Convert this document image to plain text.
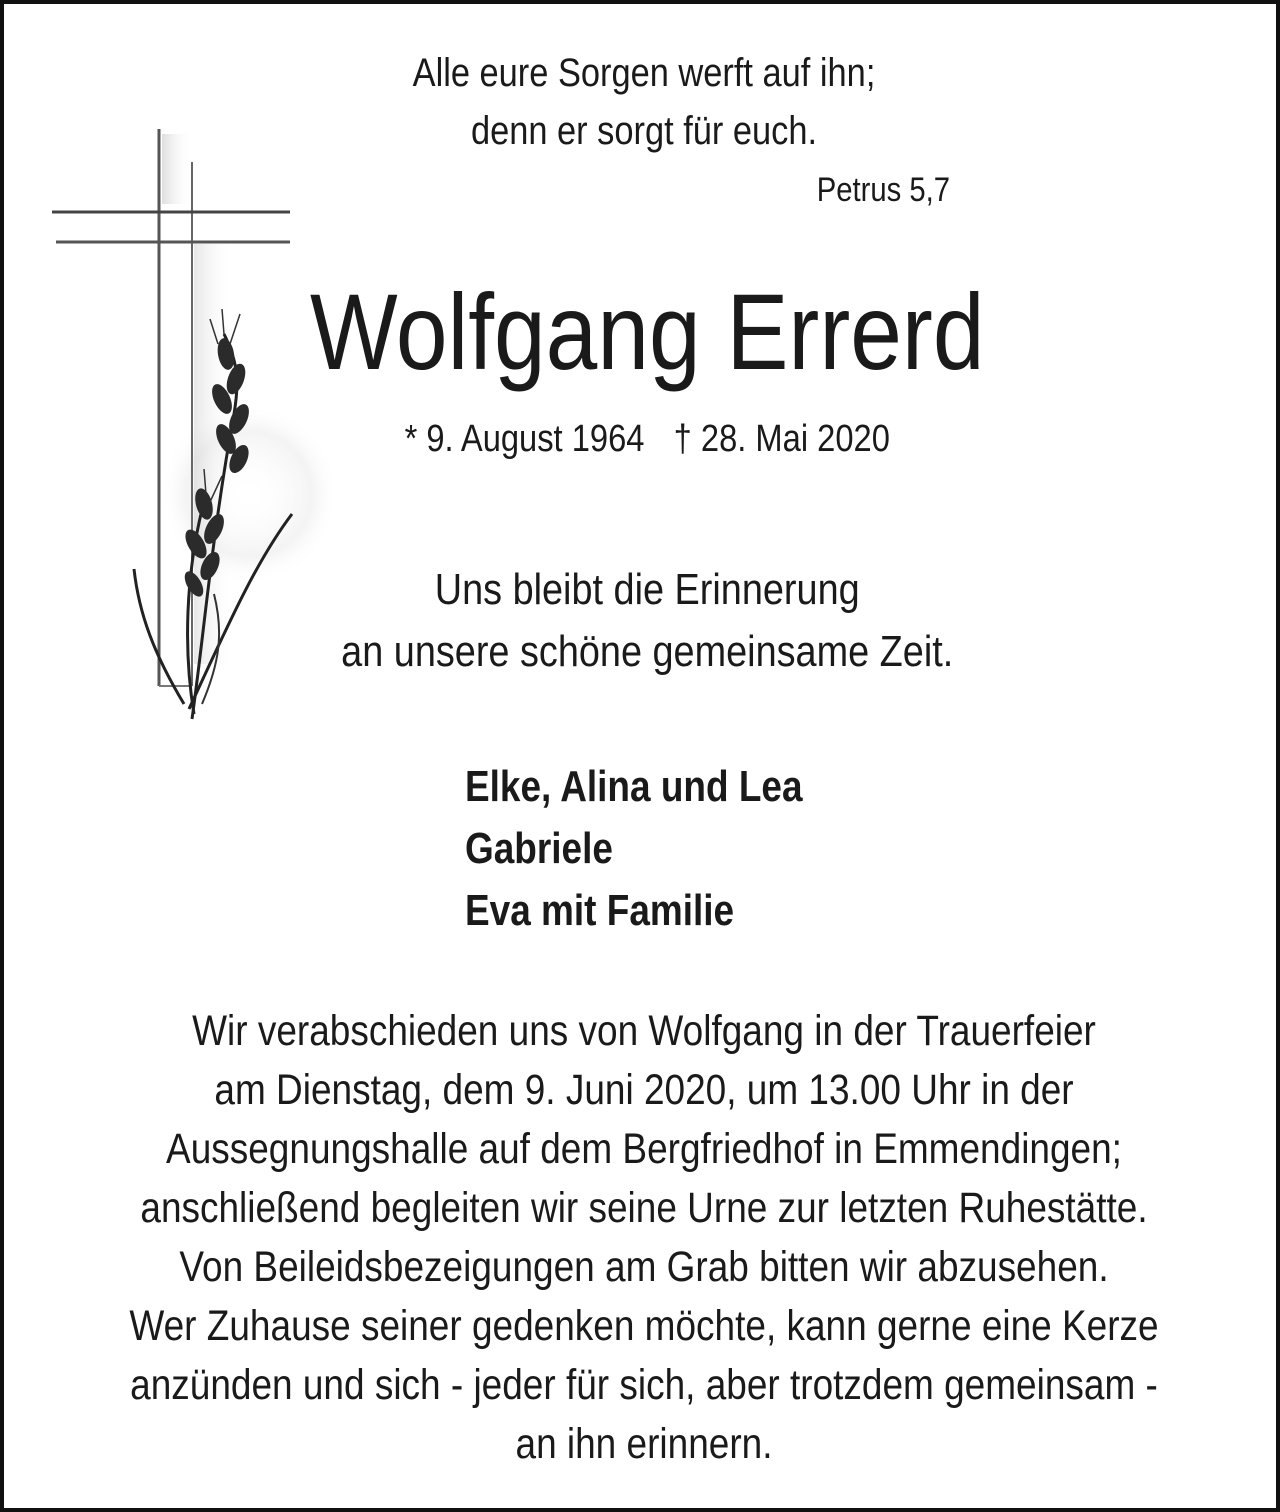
Alle eure Sorgen werft auf ihn;
denn er sorgt für euch.
Petrus 5,7
Wolfgang Errerd
* 9. August 1964 † 28. Mai 2020
Uns bleibt die Erinnerung
an unsere schöne gemeinsame Zeit.
Elke, Alina und Lea
Gabriele
Eva mit Familie
Wir verabschieden uns von Wolfgang in der Trauerfeier
am Dienstag, dem 9. Juni 2020, um 13.00 Uhr in der
Aussegnungshalle auf dem Bergfriedhof in Emmendingen;
anschließend begleiten wir seine Urne zur letzten Ruhestätte.
Von Beileidsbezeigungen am Grab bitten wir abzusehen.
Wer Zuhause seiner gedenken möchte, kann gerne eine Kerze
anzünden und sich - jeder für sich, aber trotzdem gemeinsam -
an ihn erinnern.
